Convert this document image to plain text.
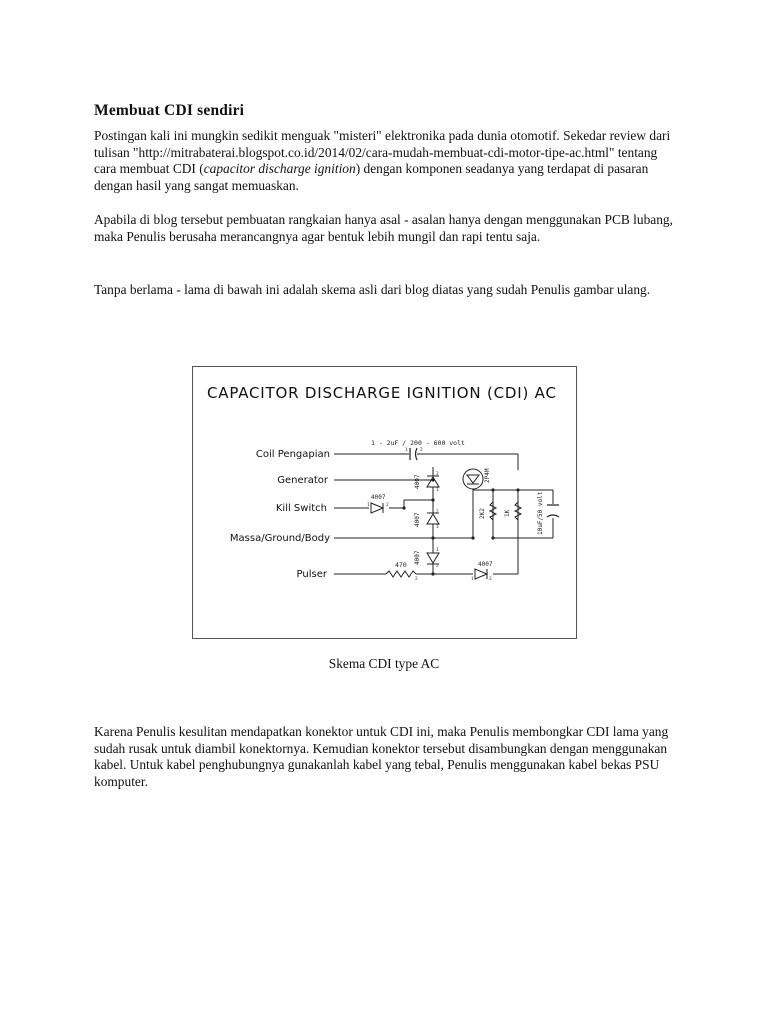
Membuat CDI sendiri

Postingan kali ini mungkin sedikit menguak "misteri" elektronika pada dunia otomotif. Sekedar review dari tulisan "http://mitrabaterai.blogspot.co.id/2014/02/cara-mudah-membuat-cdi-motor-tipe-ac.html" tentang cara membuat CDI (capacitor discharge ignition) dengan komponen seadanya yang terdapat di pasaran dengan hasil yang sangat memuaskan.

Apabila di blog tersebut pembuatan rangkaian hanya asal - asalan hanya dengan menggunakan PCB lubang, maka Penulis berusaha merancangnya agar bentuk lebih mungil dan rapi tentu saja.

Tanpa berlama - lama di bawah ini adalah skema asli dari blog diatas yang sudah Penulis gambar ulang.

CAPACITOR DISCHARGE IGNITION (CDI) AC
Coil Pengapian
Generator
Kill Switch
Massa/Ground/Body
Pulser
1 - 2uF / 200 - 600 volt
4007
4007
4007
4007
2P4M
2K2	1K	10uF/50 volt
470	4007
1	2
1	2
2
1
2
1
1
2
2	1	2

Skema CDI type AC

Karena Penulis kesulitan mendapatkan konektor untuk CDI ini, maka Penulis membongkar CDI lama yang sudah rusak untuk diambil konektornya. Kemudian konektor tersebut disambungkan dengan menggunakan kabel. Untuk kabel penghubungnya gunakanlah kabel yang tebal, Penulis menggunakan kabel bekas PSU komputer.
